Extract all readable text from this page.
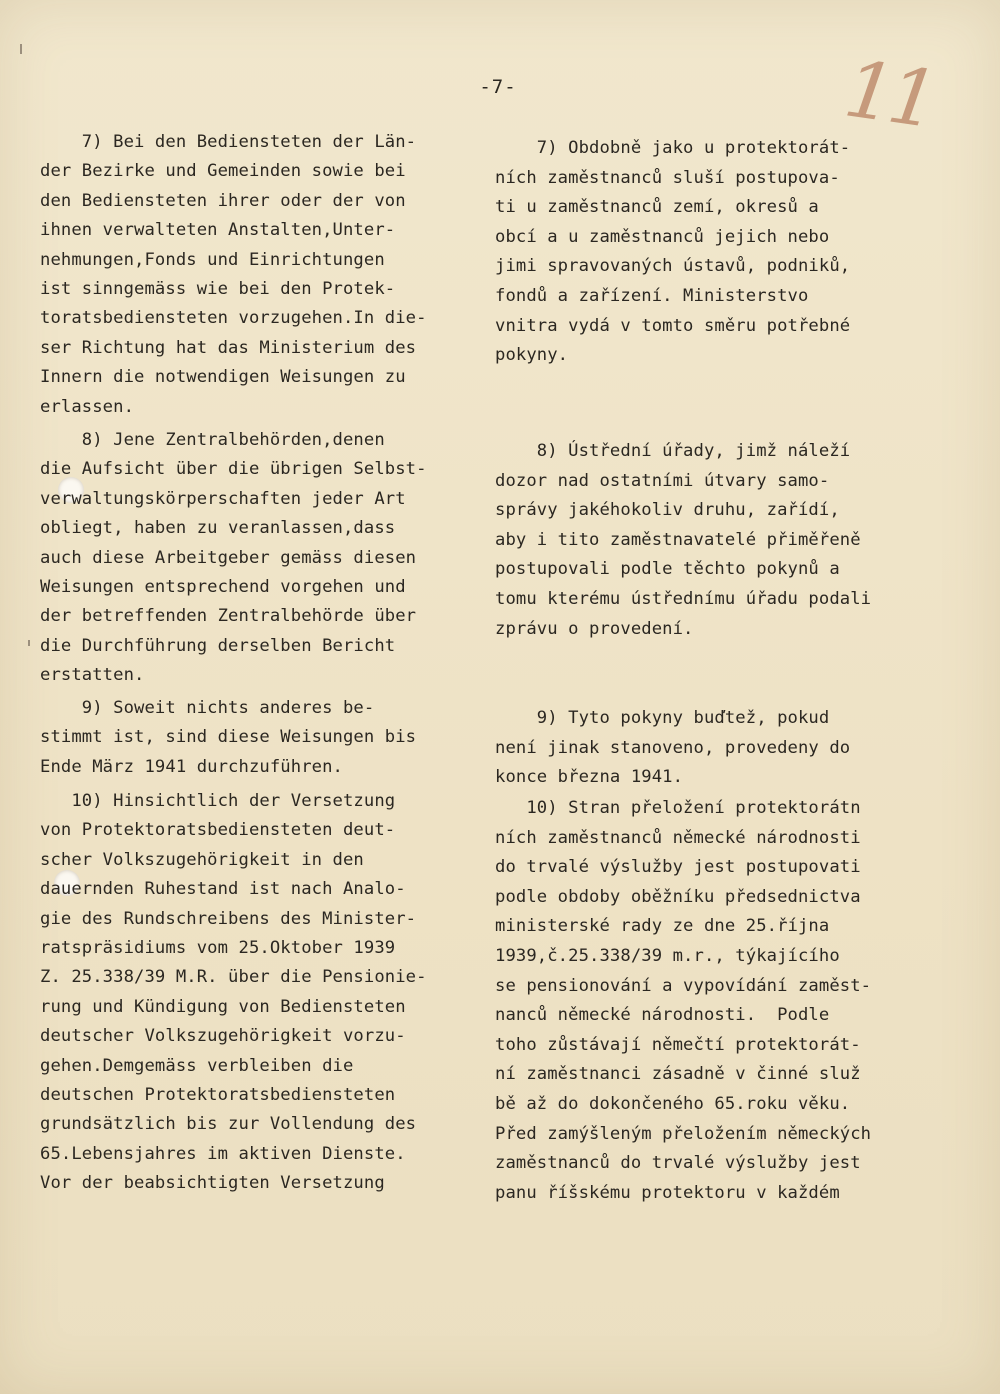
-7-	11
7) Bei den Bediensteten der Län-
der Bezirke und Gemeinden sowie bei
den Bediensteten ihrer oder der von
ihnen verwalteten Anstalten,Unter-
nehmungen,Fonds und Einrichtungen
ist sinngemäss wie bei den Protek-
toratsbediensteten vorzugehen.In die-
ser Richtung hat das Ministerium des
Innern die notwendigen Weisungen zu
erlassen.
8) Jene Zentralbehörden,denen
die Aufsicht über die übrigen Selbst-
verwaltungskörperschaften jeder Art
obliegt, haben zu veranlassen,dass
auch diese Arbeitgeber gemäss diesen
Weisungen entsprechend vorgehen und
der betreffenden Zentralbehörde über
die Durchführung derselben Bericht
erstatten.
9) Soweit nichts anderes be-
stimmt ist, sind diese Weisungen bis
Ende März 1941 durchzuführen.
10) Hinsichtlich der Versetzung
von Protektoratsbediensteten deut-
scher Volkszugehörigkeit in den
dauernden Ruhestand ist nach Analo-
gie des Rundschreibens des Minister-
ratspräsidiums vom 25.Oktober 1939
Z. 25.338/39 M.R. über die Pensionie-
rung und Kündigung von Bediensteten
deutscher Volkszugehörigkeit vorzu-
gehen.Demgemäss verbleiben die
deutschen Protektoratsbediensteten
grundsätzlich bis zur Vollendung des
65.Lebensjahres im aktiven Dienste.
Vor der beabsichtigten Versetzung
7) Obdobně jako u protektorát-
ních zaměstnanců sluší postupova-
ti u zaměstnanců zemí, okresů a
obcí a u zaměstnanců jejich nebo
jimi spravovaných ústavů, podniků,
fondů a zařízení. Ministerstvo
vnitra vydá v tomto směru potřebné
pokyny.
8) Ústřední úřady, jimž náleží
dozor nad ostatními útvary samo-
správy jakéhokoliv druhu, zařídí,
aby i tito zaměstnavatelé přiměřeně
postupovali podle těchto pokynů a
tomu kterému ústřednímu úřadu podali
zprávu o provedení.
9) Tyto pokyny buďtež, pokud
není jinak stanoveno, provedeny do
konce března 1941.
10) Stran přeložení protektorátn
ních zaměstnanců německé národnosti
do trvalé výslužby jest postupovati
podle obdoby oběžníku předsednictva
ministerské rady ze dne 25.října
1939,č.25.338/39 m.r., týkajícího
se pensionování a vypovídání zaměst-
nanců německé národnosti.  Podle
toho zůstávají němečtí protektorát-
ní zaměstnanci zásadně v činné služ
bě až do dokončeného 65.roku věku.
Před zamýšleným přeložením německých
zaměstnanců do trvalé výslužby jest
panu říšskému protektoru v každém
